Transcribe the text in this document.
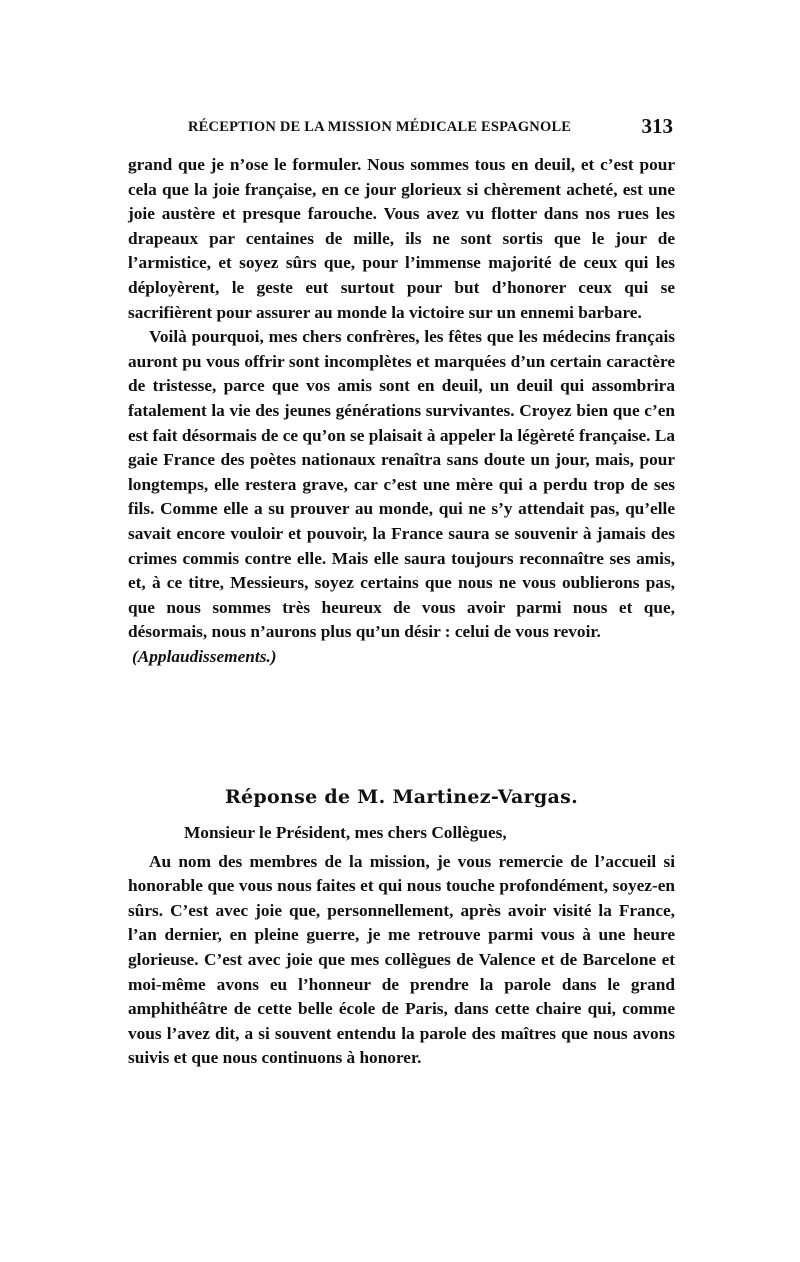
RÉCEPTION DE LA MISSION MÉDICALE ESPAGNOLE	313

grand que je n’ose le formuler. Nous sommes tous en deuil, et c’est pour cela que la joie française, en ce jour glorieux si chèrement acheté, est une joie austère et presque farouche. Vous avez vu flotter dans nos rues les drapeaux par centaines de mille, ils ne sont sortis que le jour de l’armistice, et soyez sûrs que, pour l’immense majorité de ceux qui les déployèrent, le geste eut surtout pour but d’honorer ceux qui se sacrifièrent pour assurer au monde la victoire sur un ennemi barbare.

Voilà pourquoi, mes chers confrères, les fêtes que les médecins français auront pu vous offrir sont incomplètes et marquées d’un certain caractère de tristesse, parce que vos amis sont en deuil, un deuil qui assombrira fatalement la vie des jeunes générations survivantes. Croyez bien que c’en est fait désormais de ce qu’on se plaisait à appeler la légèreté française. La gaie France des poètes nationaux renaîtra sans doute un jour, mais, pour longtemps, elle restera grave, car c’est une mère qui a perdu trop de ses fils. Comme elle a su prouver au monde, qui ne s’y attendait pas, qu’elle savait encore vouloir et pouvoir, la France saura se souvenir à jamais des crimes commis contre elle. Mais elle saura toujours reconnaître ses amis, et, à ce titre, Messieurs, soyez certains que nous ne vous oublierons pas, que nous sommes très heureux de vous avoir parmi nous et que, désormais, nous n’aurons plus qu’un désir : celui de vous revoir.

(Applaudissements.)

Réponse de M. Martinez-Vargas.

Monsieur le Président, mes chers Collègues,

Au nom des membres de la mission, je vous remercie de l’accueil si honorable que vous nous faites et qui nous touche profondément, soyez-en sûrs. C’est avec joie que, personnellement, après avoir visité la France, l’an dernier, en pleine guerre, je me retrouve parmi vous à une heure glorieuse. C’est avec joie que mes collègues de Valence et de Barcelone et moi-même avons eu l’honneur de prendre la parole dans le grand amphithéâtre de cette belle école de Paris, dans cette chaire qui, comme vous l’avez dit, a si souvent entendu la parole des maîtres que nous avons suivis et que nous continuons à honorer.
